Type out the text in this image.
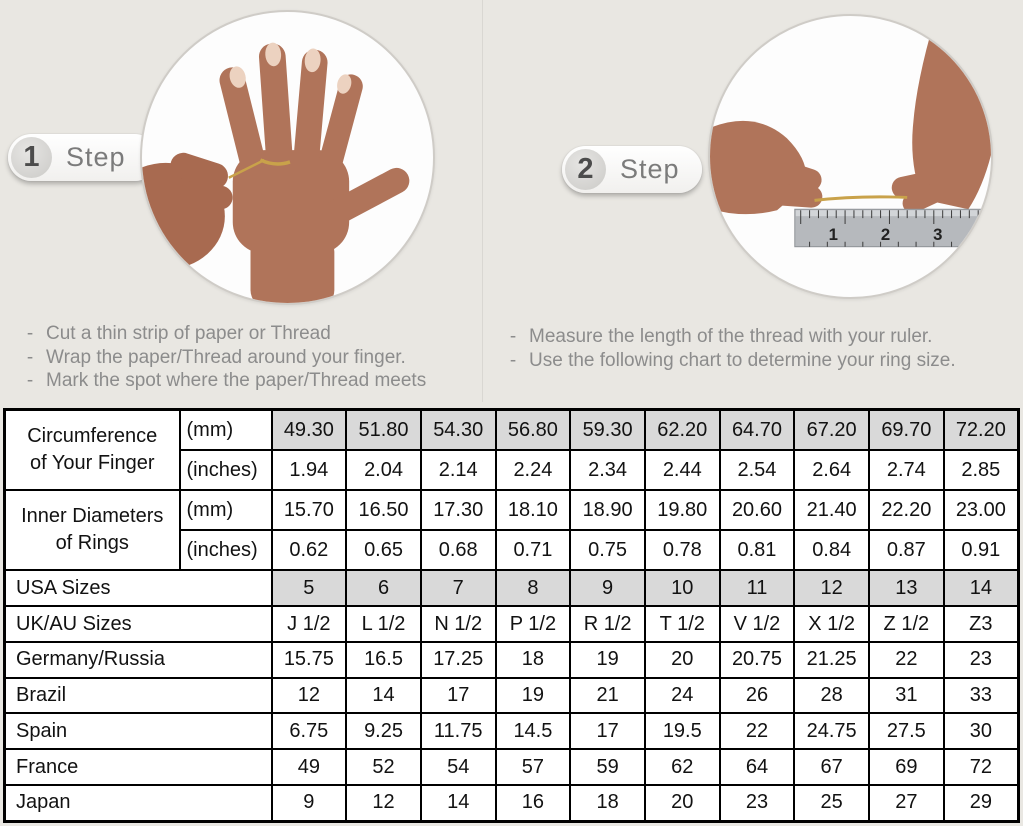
1 Step
- Cut a thin strip of paper or Thread
- Wrap the paper/Thread around your finger.
- Mark the spot where the paper/Thread meets
2 Step
1	2	3
- Measure the length of the thread with your ruler.
- Use the following chart to determine your ring size.
Circumference
of Your Finger	(mm)	49.30	51.80	54.30	56.80	59.30	62.20	64.70	67.20	69.70	72.20
	(inches)	1.94	2.04	2.14	2.24	2.34	2.44	2.54	2.64	2.74	2.85

Inner Diameters
of Rings	(mm)	15.70	16.50	17.30	18.10	18.90	19.80	20.60	21.40	22.20	23.00
	(inches)	0.62	0.65	0.68	0.71	0.75	0.78	0.81	0.84	0.87	0.91
USA Sizes		5	6	7	8	9	10	11	12	13	14
UK/AU Sizes		J 1/2	L 1/2	N 1/2	P 1/2	R 1/2	T 1/2	V 1/2	X 1/2	Z 1/2	Z3
Germany/Russia		15.75	16.5	17.25	18	19	20	20.75	21.25	22	23
Brazil		12	14	17	19	21	24	26	28	31	33
Spain		6.75	9.25	11.75	14.5	17	19.5	22	24.75	27.5	30
France		49	52	54	57	59	62	64	67	69	72
Japan		9	12	14	16	18	20	23	25	27	29
